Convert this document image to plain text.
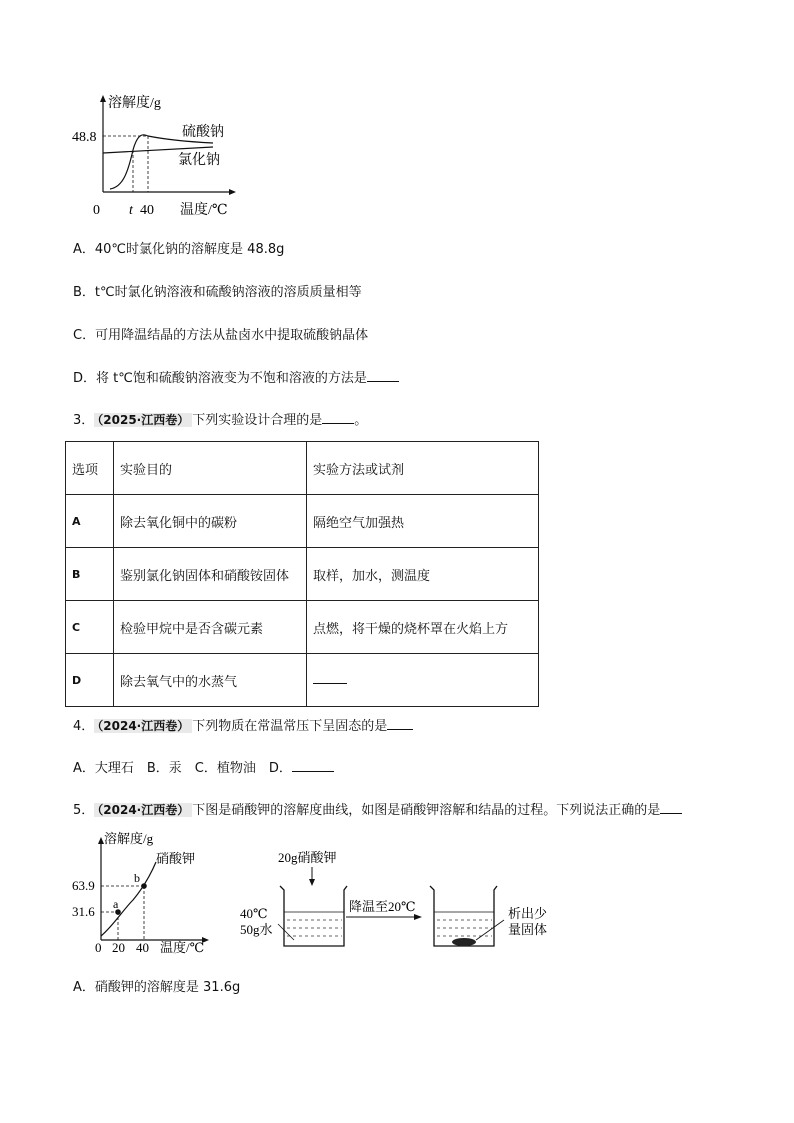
溶解度/g
48.8
0 t 40 温度/℃
硫酸钠
氯化钠
A．40℃时氯化钠的溶解度是 48.8g
B．t℃时氯化钠溶液和硫酸钠溶液的溶质质量相等
C．可用降温结晶的方法从盐卤水中提取硫酸钠晶体
D．将 t℃饱和硫酸钠溶液变为不饱和溶液的方法是
3． （2025·江西卷） 下列实验设计合理的是 。
选项	实验目的	实验方法或试剂
A	除去氧化铜中的碳粉	隔绝空气加强热
B	鉴别氯化钠固体和硝酸铵固体	取样，加水，测温度
C	检验甲烷中是否含碳元素	点燃，将干燥的烧杯罩在火焰上方
D	除去氧气中的水蒸气	
4． （2024·江西卷） 下列物质在常温常压下呈固态的是
A．大理石　B．汞　C．植物油　D．
5． （2024·江西卷） 下图是硝酸钾的溶解度曲线，如图是硝酸钾溶解和结晶的过程。下列说法正确的是
溶解度/g
硝酸钾
b
a
63.9
31.6
0 20 40 温度/℃
20g硝酸钾
40℃
50g水
降温至20℃	析出少
量固体
A．硝酸钾的溶解度是 31.6g
